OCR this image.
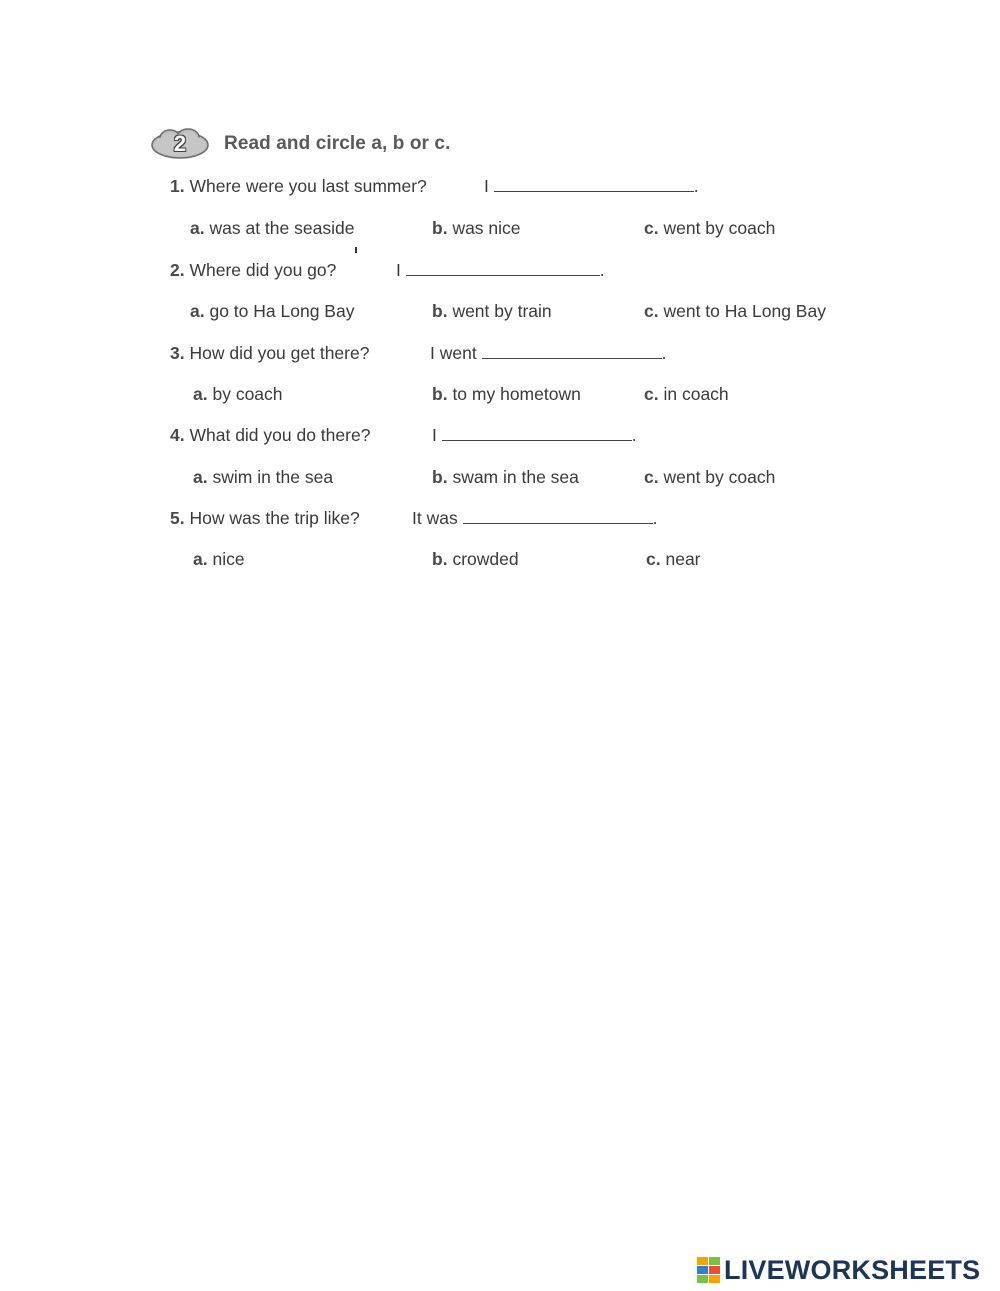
2	Read and circle a, b or c.
1. Where were you last summer?	I	.
a. was at the seaside	b. was nice	c. went by coach
2. Where did you go?	I	.
a. go to Ha Long Bay	b. went by train	c. went to Ha Long Bay
3. How did you get there?	I went	.
a. by coach	b. to my hometown	c. in coach
4. What did you do there?	I	.
a. swim in the sea	b. swam in the sea	c. went by coach
5. How was the trip like?	It was	.
a. nice	b. crowded	c. near
LIVEWORKSHEETS
